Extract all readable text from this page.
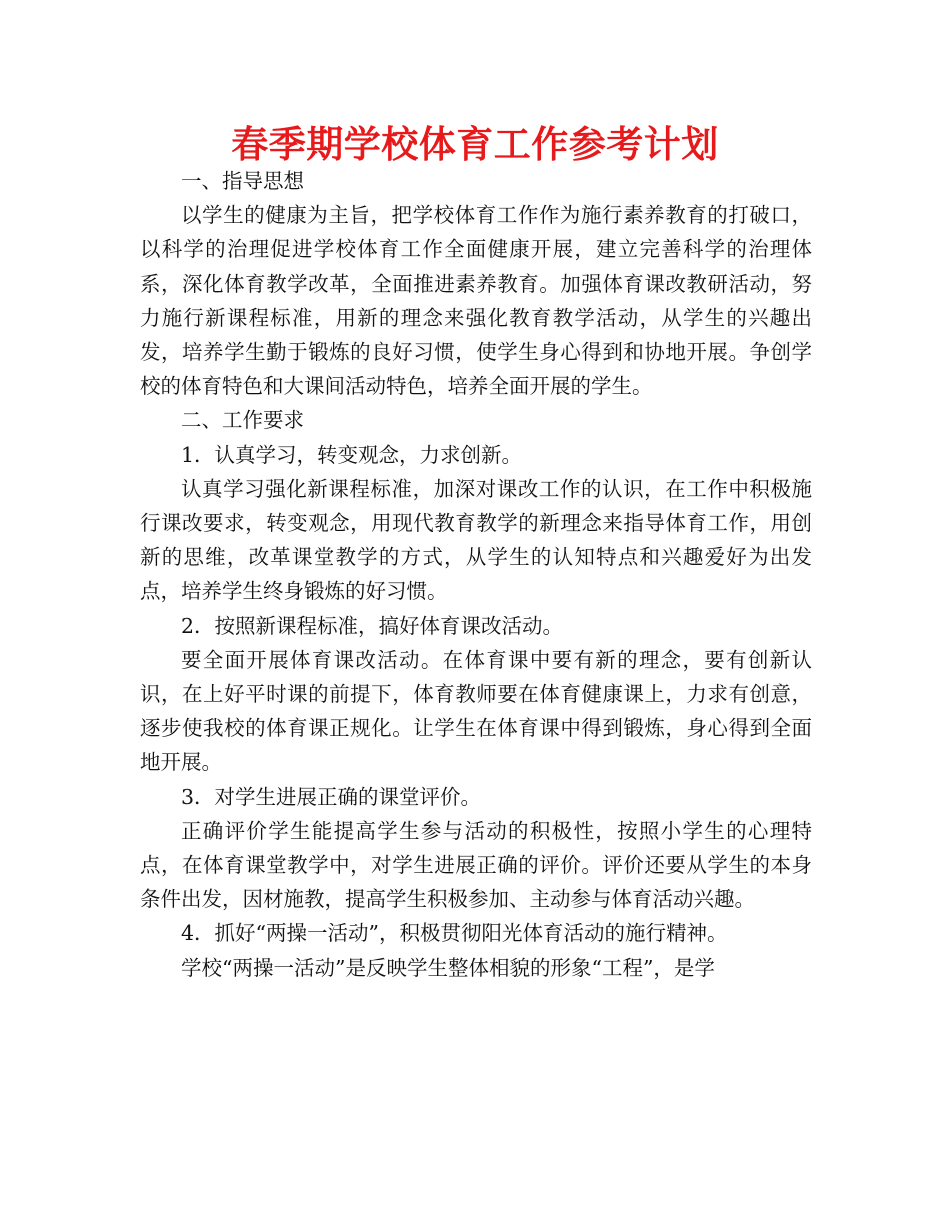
春季期学校体育工作参考计划

一、指导思想

以学生的健康为主旨，把学校体育工作作为施行素养教育的打破口，以科学的治理促进学校体育工作全面健康开展，建立完善科学的治理体系，深化体育教学改革，全面推进素养教育。加强体育课改教研活动，努力施行新课程标准，用新的理念来强化教育教学活动，从学生的兴趣出发，培养学生勤于锻炼的良好习惯，使学生身心得到和协地开展。争创学校的体育特色和大课间活动特色，培养全面开展的学生。

二、工作要求

1．认真学习，转变观念，力求创新。

认真学习强化新课程标准，加深对课改工作的认识，在工作中积极施行课改要求，转变观念，用现代教育教学的新理念来指导体育工作，用创新的思维，改革课堂教学的方式，从学生的认知特点和兴趣爱好为出发点，培养学生终身锻炼的好习惯。

2．按照新课程标准，搞好体育课改活动。

要全面开展体育课改活动。在体育课中要有新的理念，要有创新认识，在上好平时课的前提下，体育教师要在体育健康课上，力求有创意，逐步使我校的体育课正规化。让学生在体育课中得到锻炼，身心得到全面地开展。

3．对学生进展正确的课堂评价。

正确评价学生能提高学生参与活动的积极性，按照小学生的心理特点，在体育课堂教学中，对学生进展正确的评价。评价还要从学生的本身条件出发，因材施教，提高学生积极参加、主动参与体育活动兴趣。

4．抓好“两操一活动”，积极贯彻阳光体育活动的施行精神。

学校“两操一活动”是反映学生整体相貌的形象“工程”，是学
